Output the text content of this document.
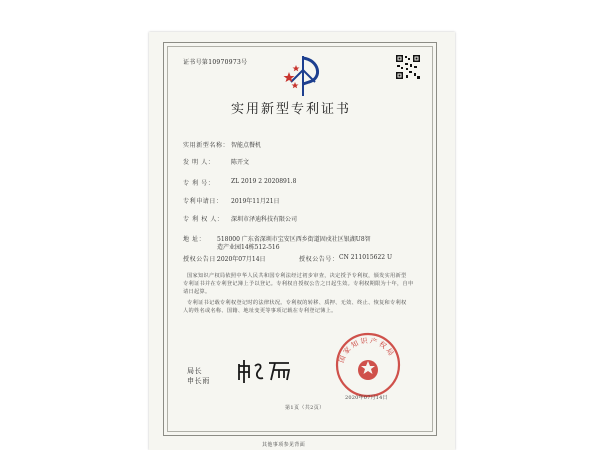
证书号第10970973号
实用新型专利证书
实用新型名称： 智能点餐机
发 明 人：	陈开文
专 利 号：	ZL 2019 2 2020891.8
专利申请日： 2019年11月21日
专 利 权 人： 深圳市泽迪科技有限公司
地 址： 518000 广东省深圳市宝安区西乡街道固戍社区银湖U8智
造产业园14栋512-516
授权公告日：
2020年07月14日	授权公告号： CN 211015622 U
国家知识产权局依照中华人民共和国专利法经过初步审查，决定授予专利权，颁发实用新型
专利证书并在专利登记簿上予以登记。专利权自授权公告之日起生效。专利权期限为十年，自申
请日起算。
专利证书记载专利权登记时的法律状况。专利权的转移、质押、无效、终止、恢复和专利权
人的姓名或名称、国籍、地址变更等事项记载在专利登记簿上。
局长
申长雨
国家知识产权局
2020年07月14日
第1页（共2页）
其他事项参见背面
